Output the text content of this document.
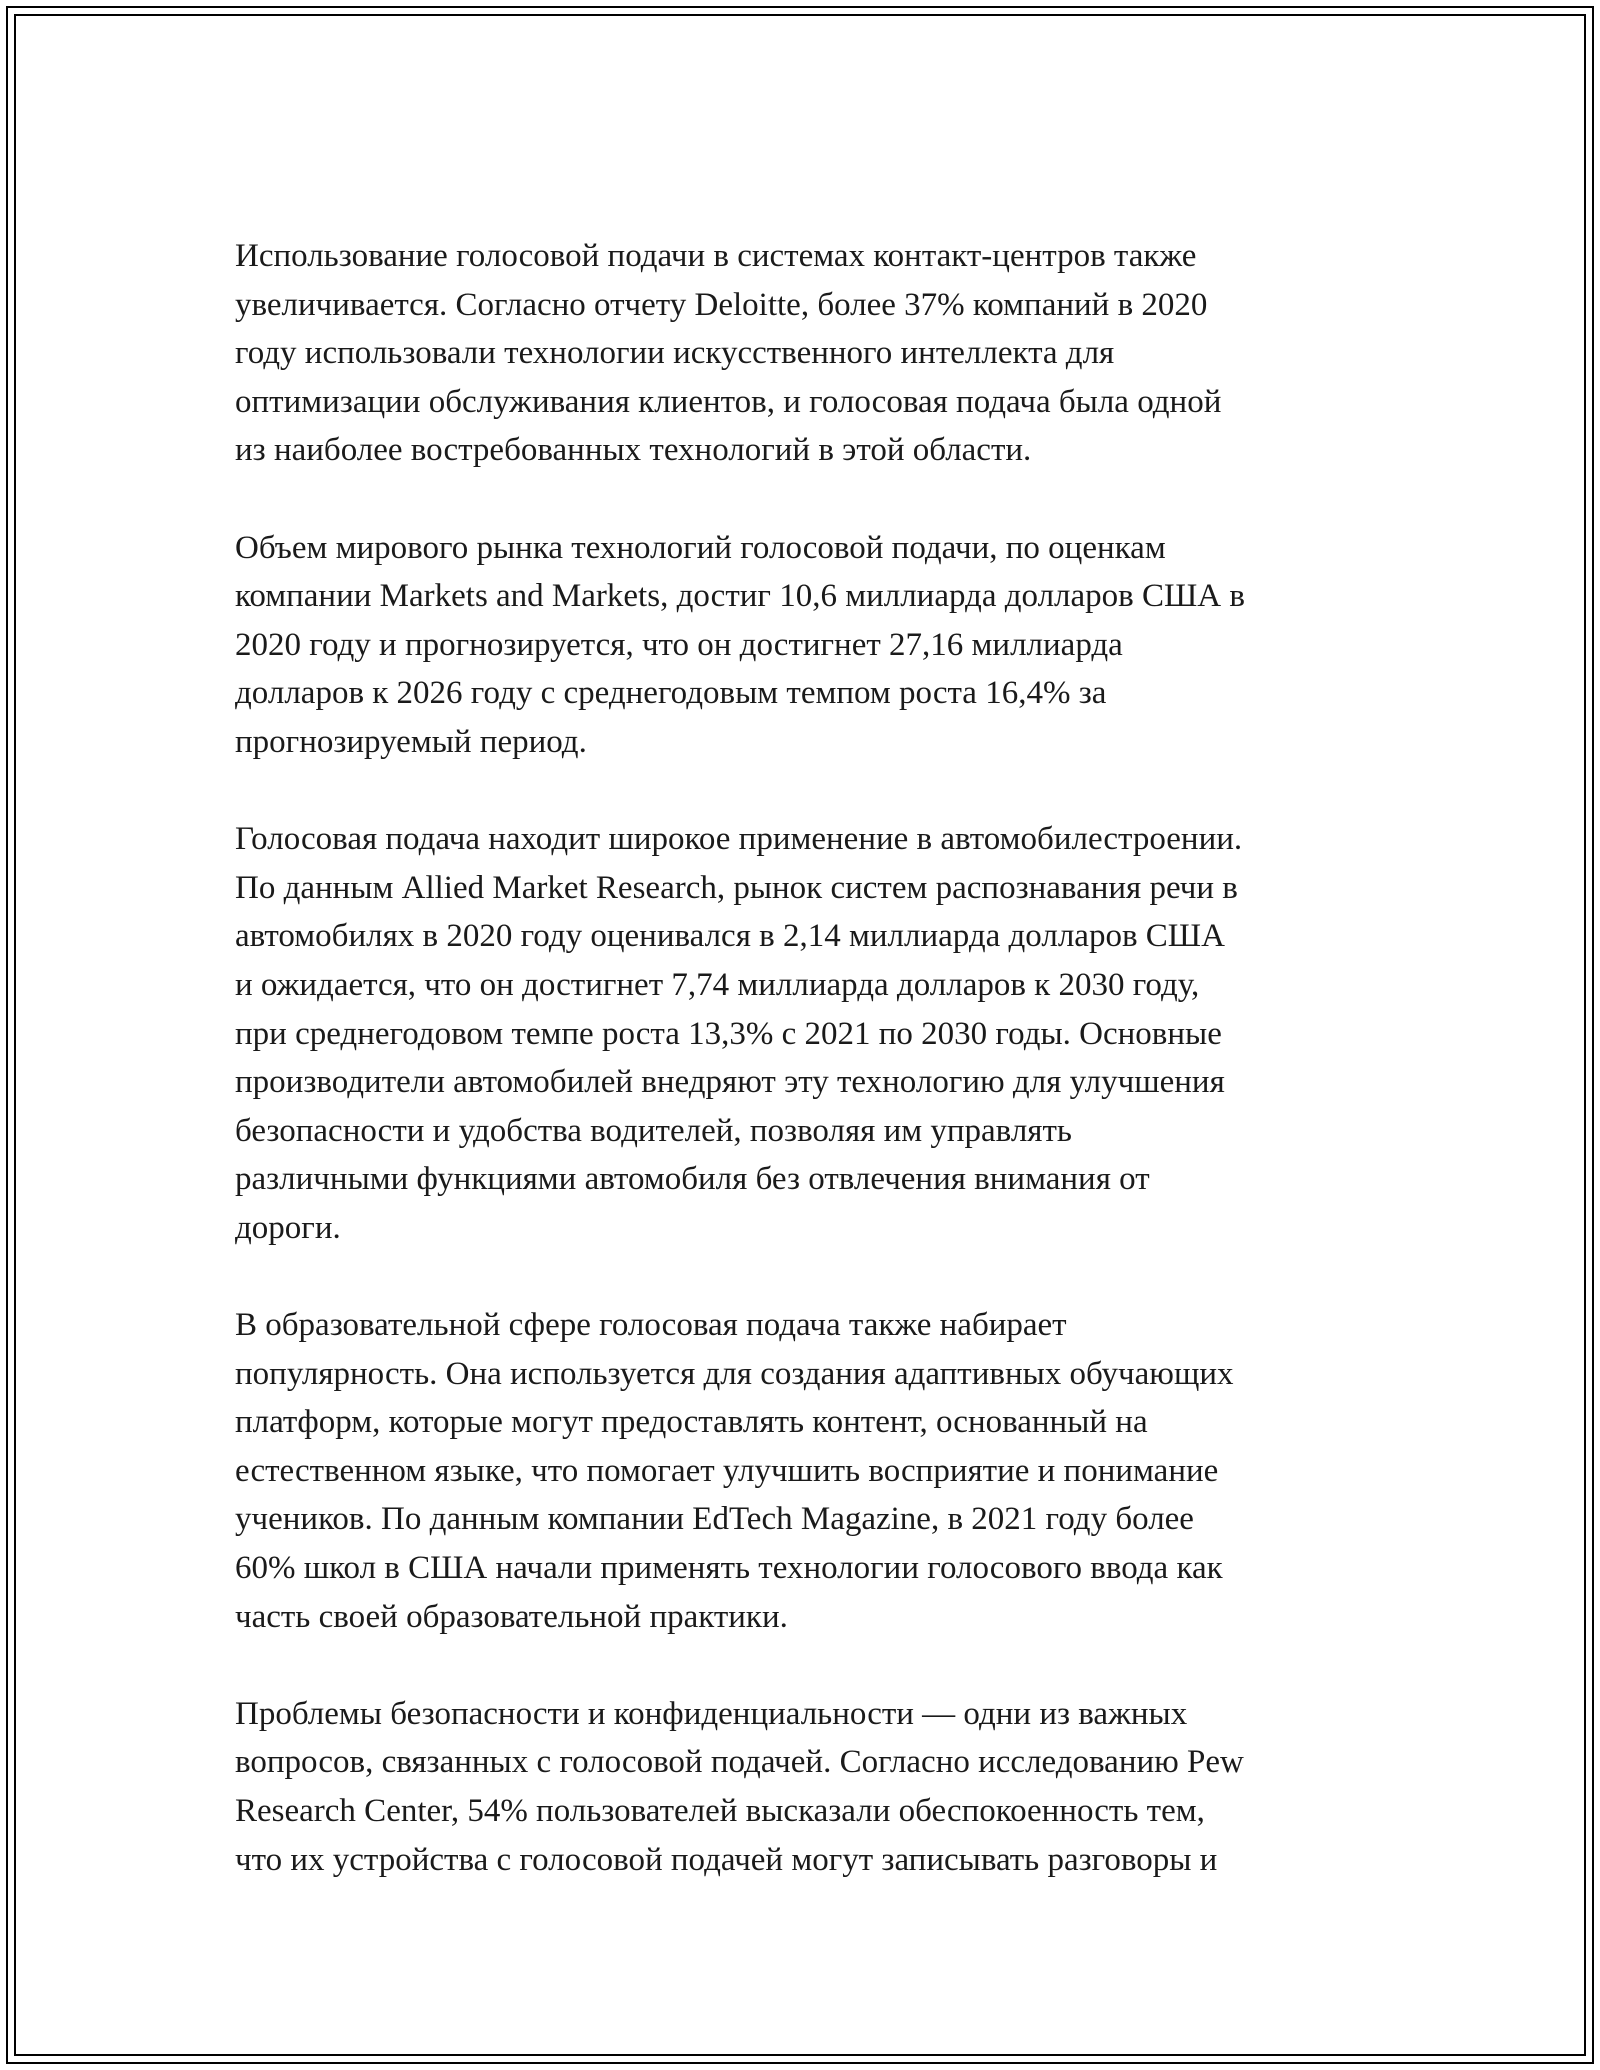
Использование голосовой подачи в системах контакт-центров также
увеличивается. Согласно отчету Deloitte, более 37% компаний в 2020
году использовали технологии искусственного интеллекта для
оптимизации обслуживания клиентов, и голосовая подача была одной
из наиболее востребованных технологий в этой области.

Объем мирового рынка технологий голосовой подачи, по оценкам
компании Markets and Markets, достиг 10,6 миллиарда долларов США в
2020 году и прогнозируется, что он достигнет 27,16 миллиарда
долларов к 2026 году с среднегодовым темпом роста 16,4% за
прогнозируемый период.

Голосовая подача находит широкое применение в автомобилестроении.
По данным Allied Market Research, рынок систем распознавания речи в
автомобилях в 2020 году оценивался в 2,14 миллиарда долларов США
и ожидается, что он достигнет 7,74 миллиарда долларов к 2030 году,
при среднегодовом темпе роста 13,3% с 2021 по 2030 годы. Основные
производители автомобилей внедряют эту технологию для улучшения
безопасности и удобства водителей, позволяя им управлять
различными функциями автомобиля без отвлечения внимания от
дороги.

В образовательной сфере голосовая подача также набирает
популярность. Она используется для создания адаптивных обучающих
платформ, которые могут предоставлять контент, основанный на
естественном языке, что помогает улучшить восприятие и понимание
учеников. По данным компании EdTech Magazine, в 2021 году более
60% школ в США начали применять технологии голосового ввода как
часть своей образовательной практики.

Проблемы безопасности и конфиденциальности — одни из важных
вопросов, связанных с голосовой подачей. Согласно исследованию Pew
Research Center, 54% пользователей высказали обеспокоенность тем,
что их устройства с голосовой подачей могут записывать разговоры и
